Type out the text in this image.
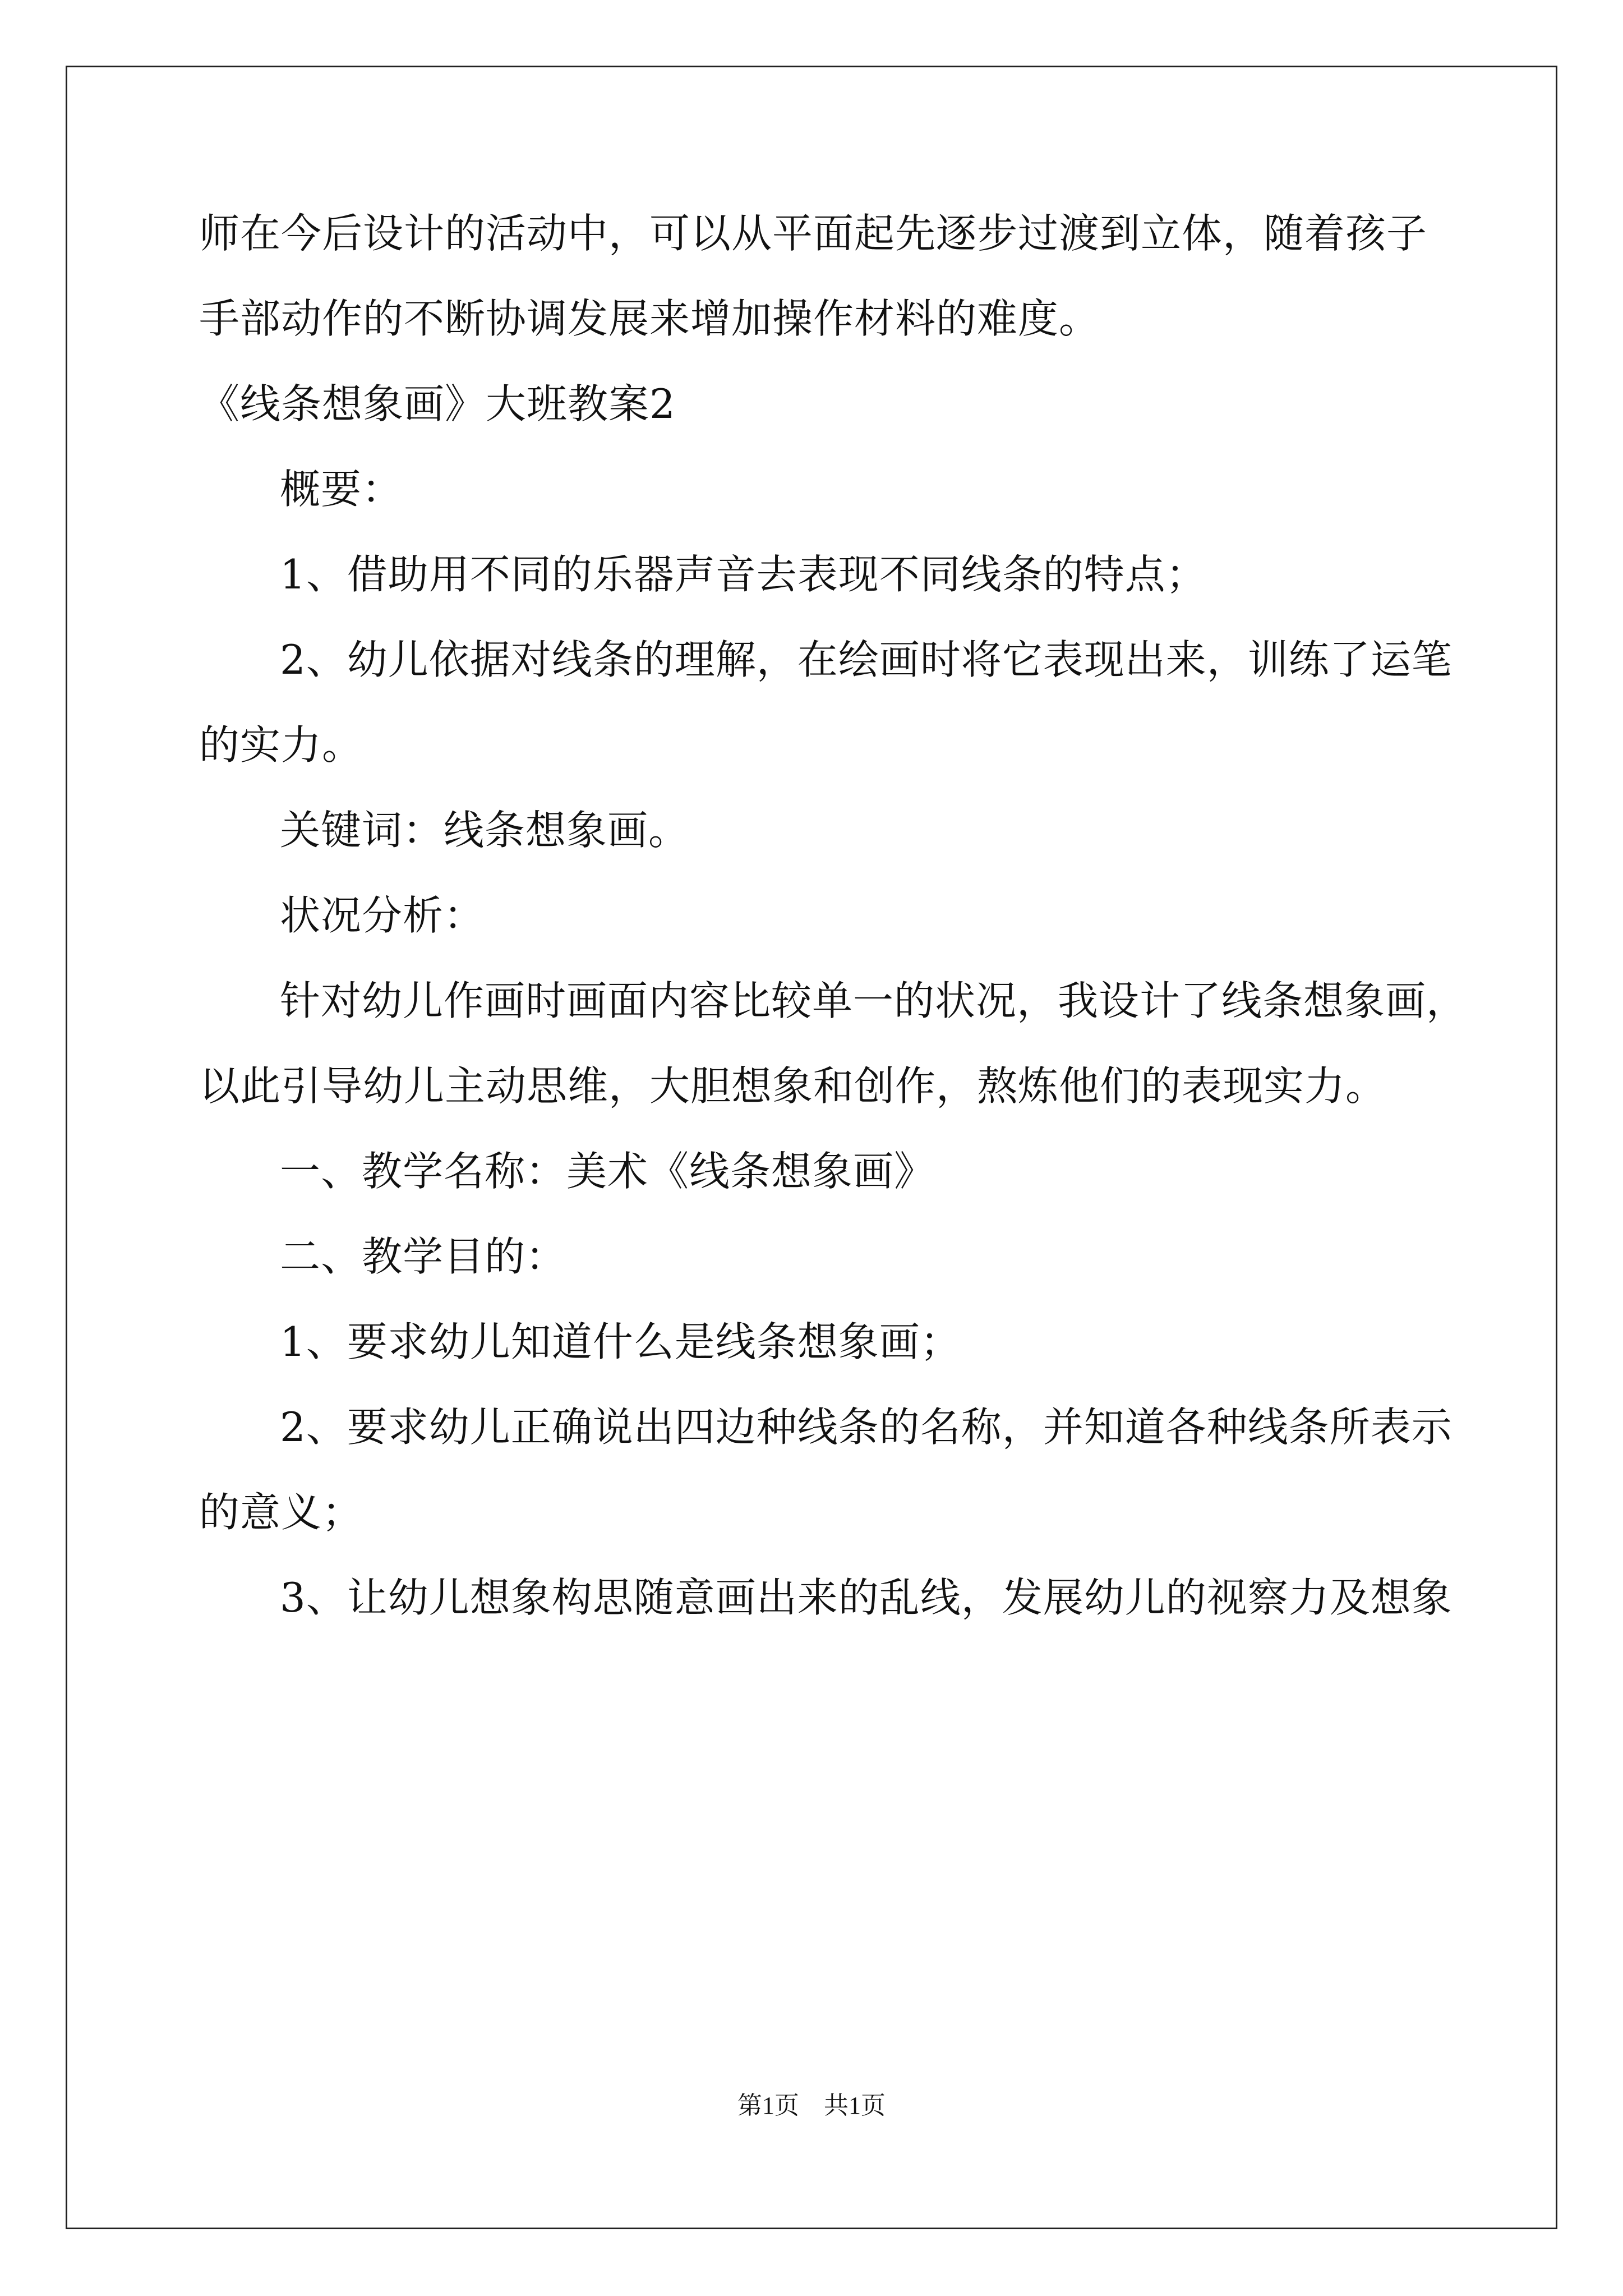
师在今后设计的活动中，可以从平面起先逐步过渡到立体，随着孩子
手部动作的不断协调发展来增加操作材料的难度。
《线条想象画》大班教案2
概要：
1、借助用不同的乐器声音去表现不同线条的特点；
2、幼儿依据对线条的理解，在绘画时将它表现出来，训练了运笔
的实力。
关键词：线条想象画。
状况分析：
针对幼儿作画时画面内容比较单一的状况，我设计了线条想象画，
以此引导幼儿主动思维，大胆想象和创作，熬炼他们的表现实力。
一、教学名称：美术《线条想象画》
二、教学目的：
1、要求幼儿知道什么是线条想象画；
2、要求幼儿正确说出四边种线条的名称，并知道各种线条所表示
的意义；
3、让幼儿想象构思随意画出来的乱线，发展幼儿的视察力及想象
第1页 共1页
